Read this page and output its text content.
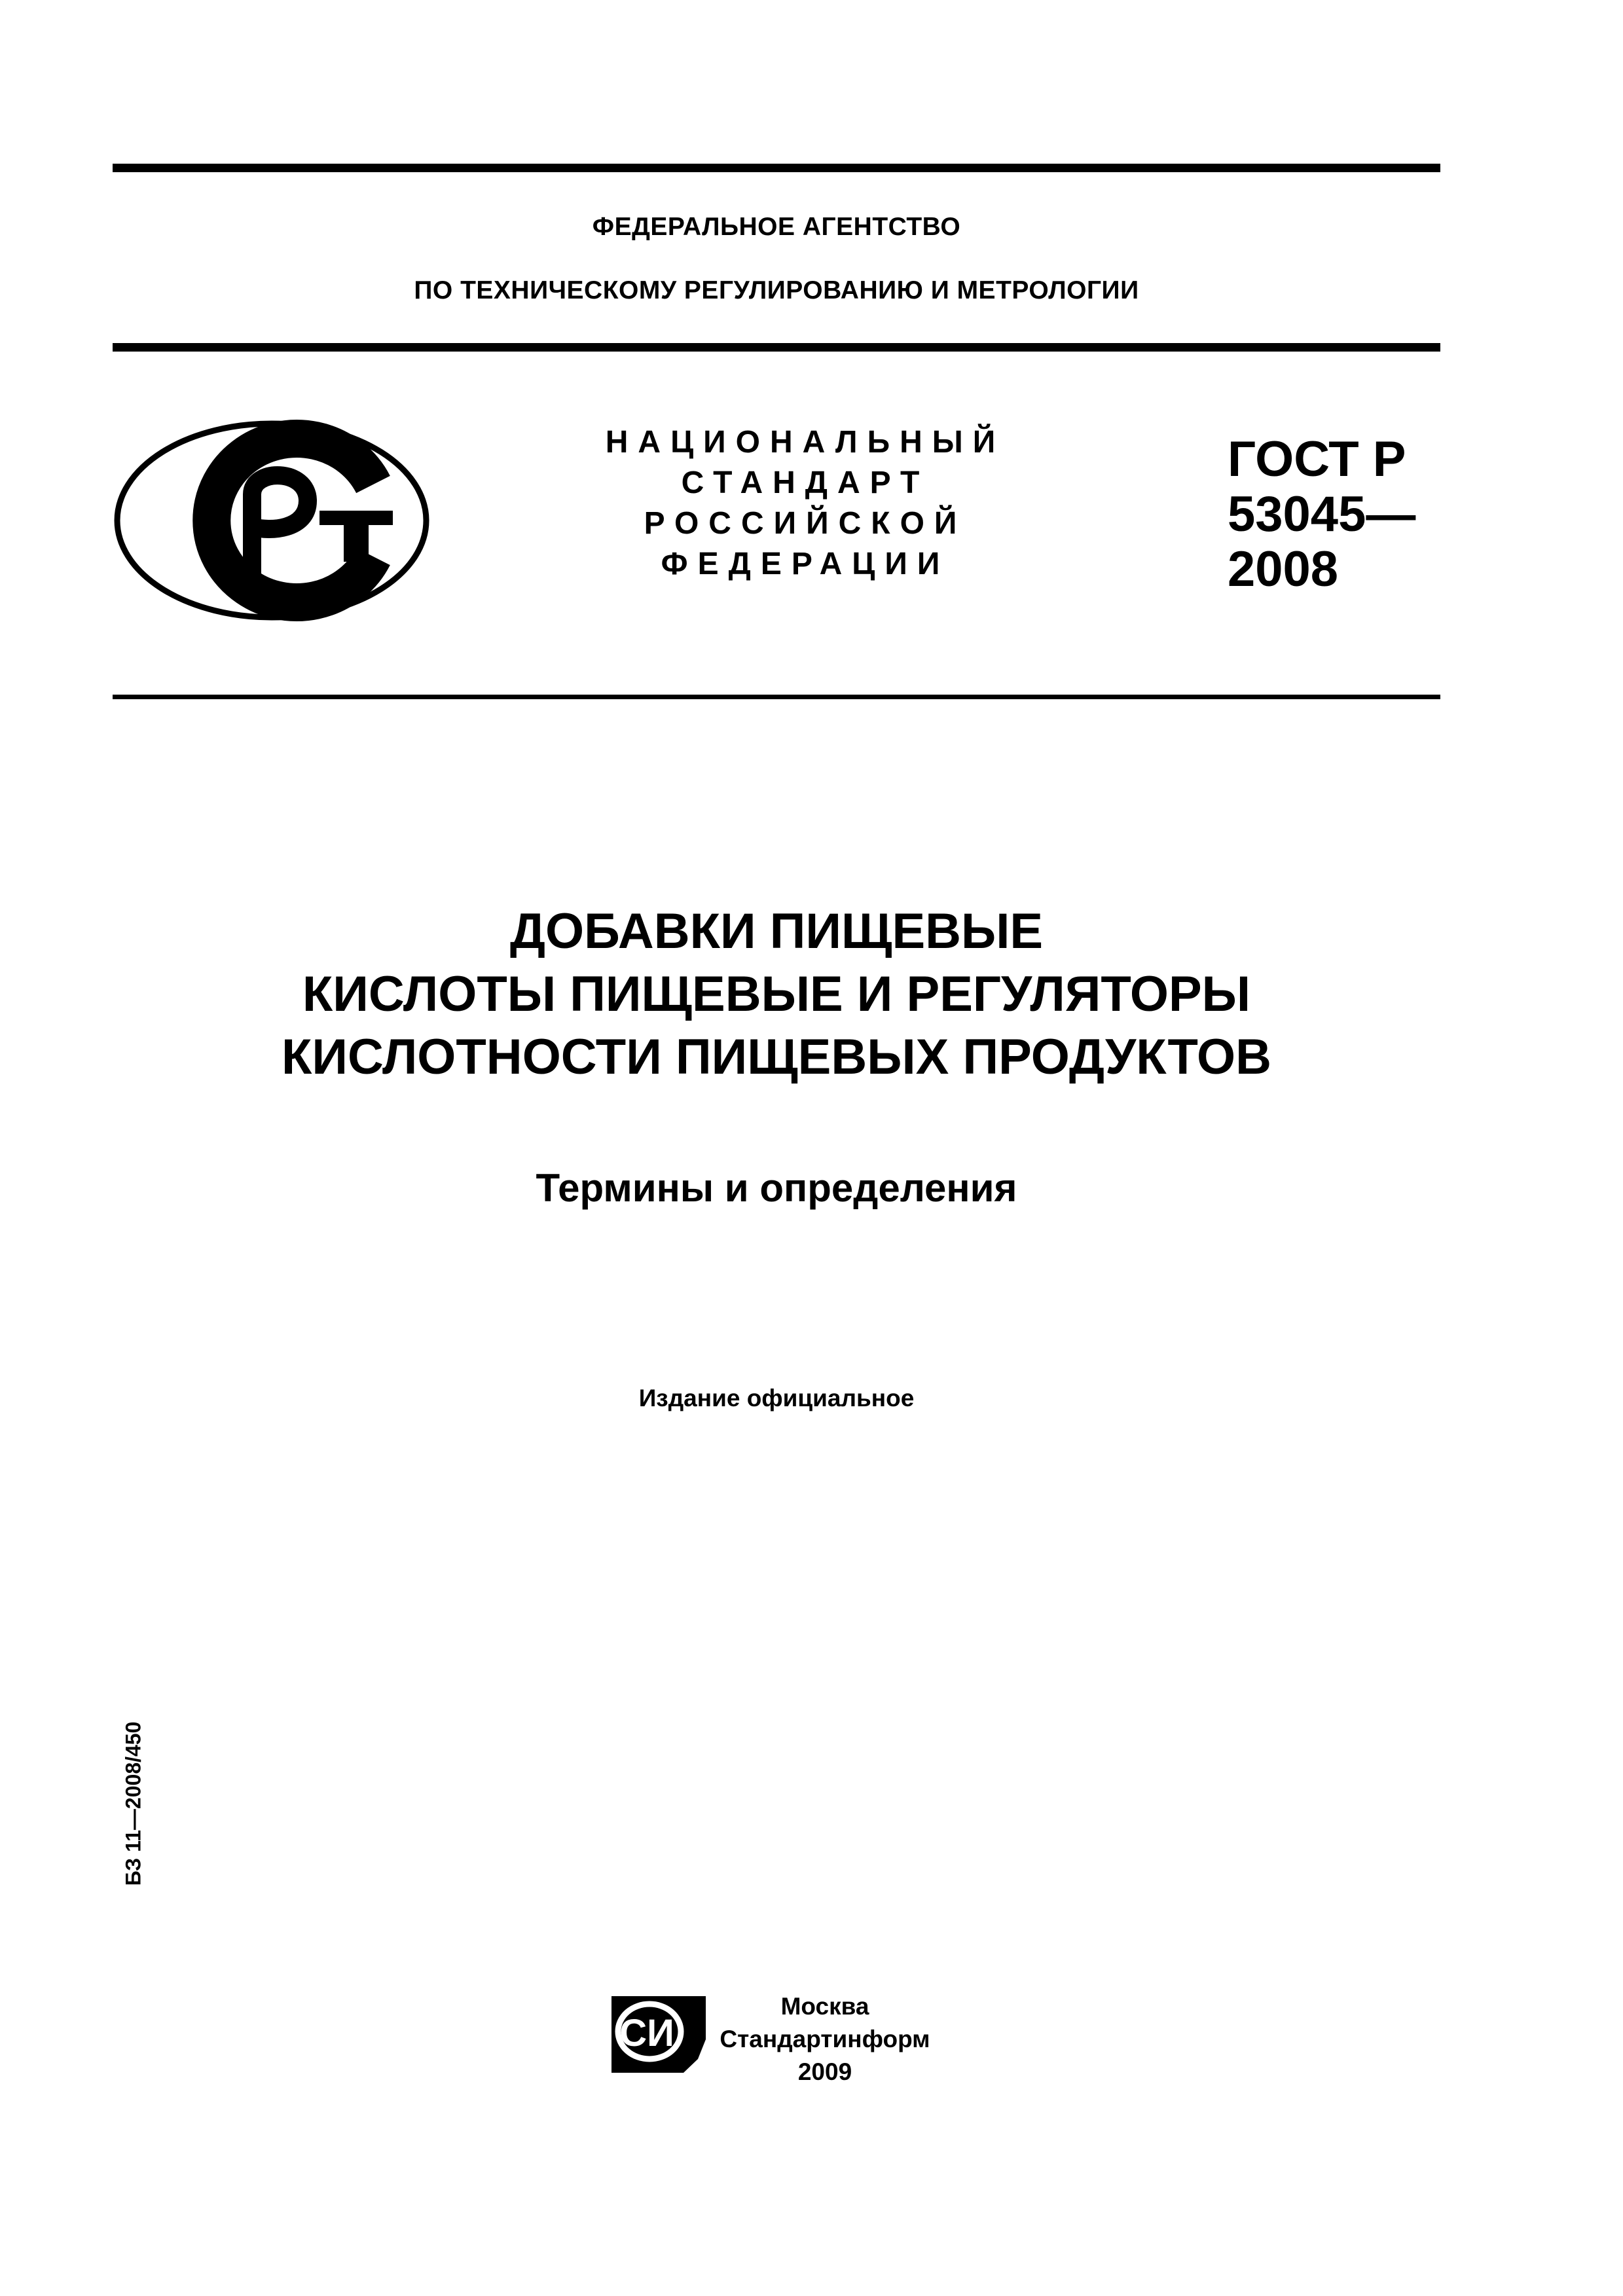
ФЕДЕРАЛЬНОЕ АГЕНТСТВО
ПО ТЕХНИЧЕСКОМУ РЕГУЛИРОВАНИЮ И МЕТРОЛОГИИ
НАЦИОНАЛЬНЫЙ
СТАНДАРТ
РОССИЙСКОЙ
ФЕДЕРАЦИИ
ГОСТ Р
53045—
2008
ДОБАВКИ ПИЩЕВЫЕ
КИСЛОТЫ ПИЩЕВЫЕ И РЕГУЛЯТОРЫ
КИСЛОТНОСТИ ПИЩЕВЫХ ПРОДУКТОВ
Термины и определения
Издание официальное
БЗ 11—2008/450
СИ
Москва
Стандартинформ
2009
